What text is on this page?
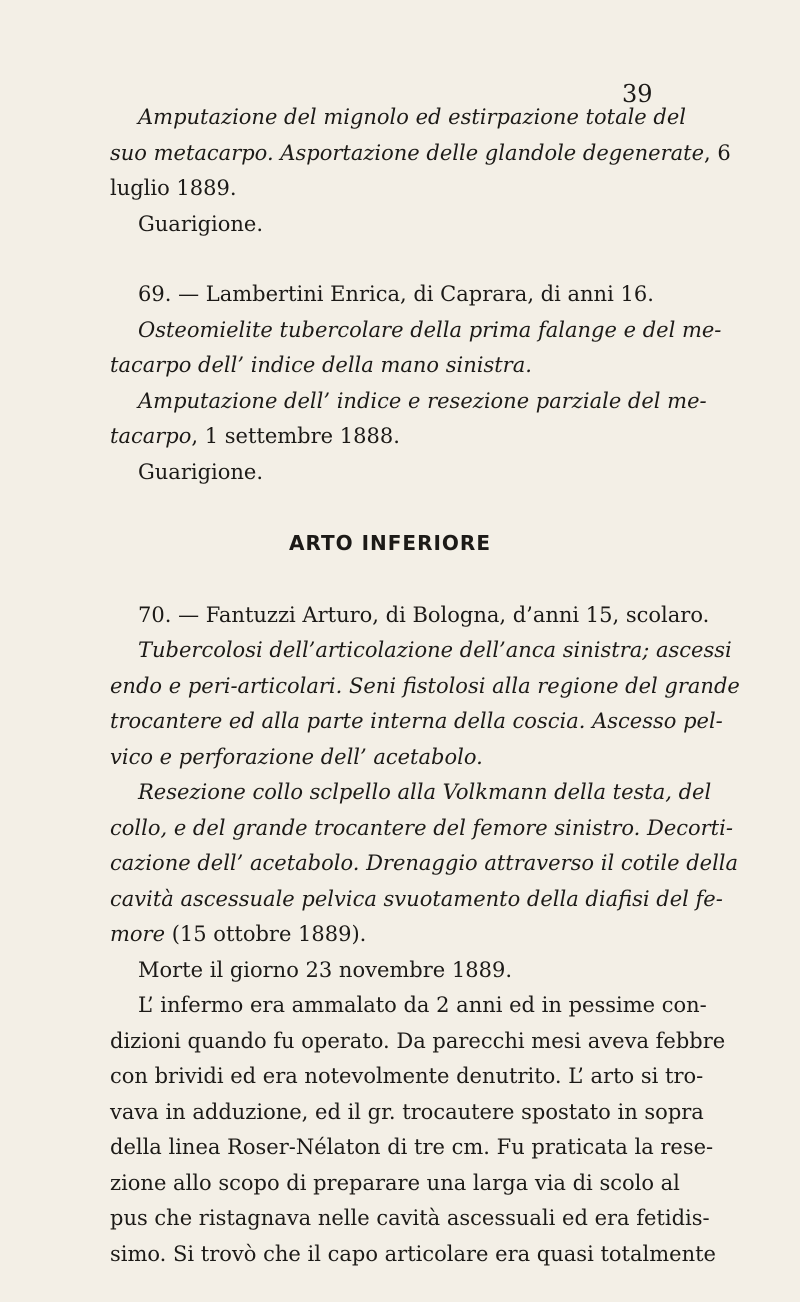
39
Amputazione del mignolo ed estirpazione totale del
suo metacarpo. Asportazione delle glandole degenerate, 6
luglio 1889.
Guarigione.
69. — Lambertini Enrica, di Caprara, di anni 16.
Osteomielite tubercolare della prima falange e del me-
tacarpo dell’ indice della mano sinistra.
Amputazione dell’ indice e resezione parziale del me-
tacarpo, 1 settembre 1888.
Guarigione.
ARTO INFERIORE
70. — Fantuzzi Arturo, di Bologna, d’anni 15, scolaro.
Tubercolosi dell’articolazione dell’anca sinistra; ascessi
endo e peri-articolari. Seni fistolosi alla regione del grande
trocantere ed alla parte interna della coscia. Ascesso pel-
vico e perforazione dell’ acetabolo.
Resezione collo sclpello alla Volkmann della testa, del
collo, e del grande trocantere del femore sinistro. Decorti-
cazione dell’ acetabolo. Drenaggio attraverso il cotile della
cavità ascessuale pelvica svuotamento della diafisi del fe-
more (15 ottobre 1889).
Morte il giorno 23 novembre 1889.
L’ infermo era ammalato da 2 anni ed in pessime con-
dizioni quando fu operato. Da parecchi mesi aveva febbre
con brividi ed era notevolmente denutrito. L’ arto si tro-
vava in adduzione, ed il gr. trocautere spostato in sopra
della linea Roser-Nélaton di tre cm. Fu praticata la rese-
zione allo scopo di preparare una larga via di scolo al
pus che ristagnava nelle cavità ascessuali ed era fetidis-
simo. Si trovò che il capo articolare era quasi totalmente
